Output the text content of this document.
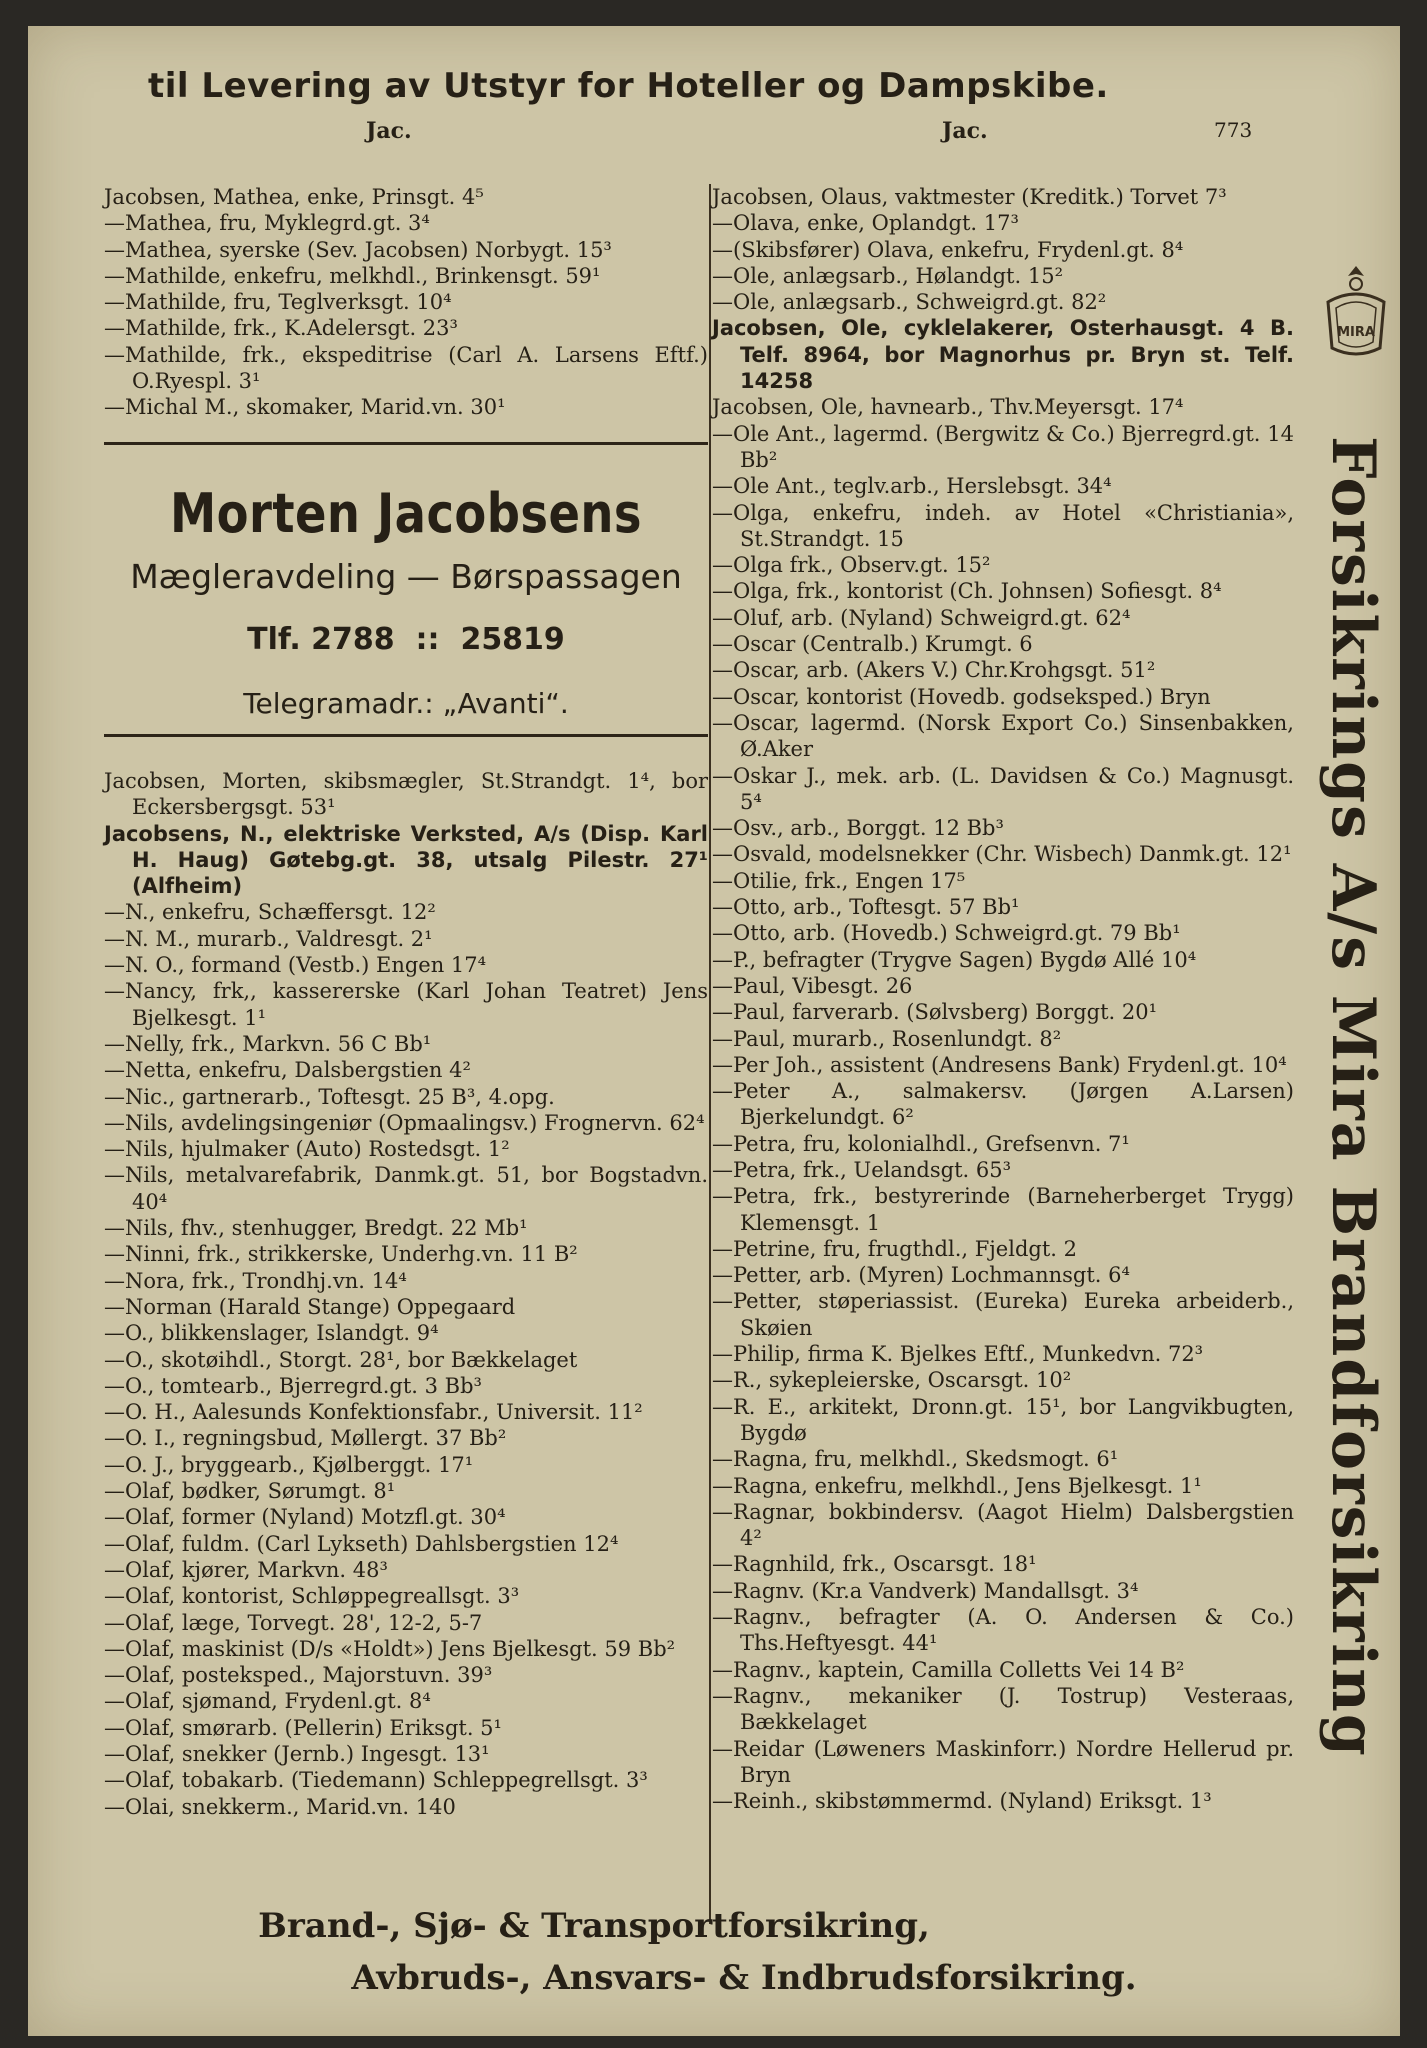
til Levering av Utstyr for Hoteller og Dampskibe.
Jac.	Jac.	773

Jacobsen, Mathea, enke, Prinsgt. 4⁵

—Mathea, fru, Myklegrd.gt. 3⁴

—Mathea, syerske (Sev. Jacobsen) Norbygt. 15³

—Mathilde, enkefru, melkhdl., Brinkensgt. 59¹

—Mathilde, fru, Teglverksgt. 10⁴

—Mathilde, frk., K.Adelersgt. 23³

—Mathilde, frk., ekspeditrise (Carl A. Larsens Eftf.) O.Ryespl. 3¹

—Michal M., skomaker, Marid.vn. 30¹

Morten Jacobsens
Mægleravdeling — Børspassagen
Tlf. 2788  ::  25819
Telegramadr.: „Avanti“.

Jacobsen, Morten, skibsmægler, St.Strandgt. 1⁴, bor Eckersbergsgt. 53¹

Jacobsens, N., elektriske Verksted, A/s (Disp. Karl H. Haug) Gøtebg.gt. 38, utsalg Pilestr. 27¹ (Alfheim)

—N., enkefru, Schæffersgt. 12²

—N. M., murarb., Valdresgt. 2¹

—N. O., formand (Vestb.) Engen 17⁴

—Nancy, frk,, kassererske (Karl Johan Teatret) Jens Bjelkesgt. 1¹

—Nelly, frk., Markvn. 56 C Bb¹

—Netta, enkefru, Dalsbergstien 4²

—Nic., gartnerarb., Toftesgt. 25 B³, 4.opg.

—Nils, avdelingsingeniør (Opmaalingsv.) Frognervn. 62⁴

—Nils, hjulmaker (Auto) Rostedsgt. 1²

—Nils, metalvarefabrik, Danmk.gt. 51, bor Bogstadvn. 40⁴

—Nils, fhv., stenhugger, Bredgt. 22 Mb¹

—Ninni, frk., strikkerske, Underhg.vn. 11 B²

—Nora, frk., Trondhj.vn. 14⁴

—Norman (Harald Stange) Oppegaard

—O., blikkenslager, Islandgt. 9⁴

—O., skotøihdl., Storgt. 28¹, bor Bækkelaget

—O., tomtearb., Bjerregrd.gt. 3 Bb³

—O. H., Aalesunds Konfektionsfabr., Universit. 11²

—O. I., regningsbud, Møllergt. 37 Bb²

—O. J., bryggearb., Kjølberggt. 17¹

—Olaf, bødker, Sørumgt. 8¹

—Olaf, former (Nyland) Motzfl.gt. 30⁴

—Olaf, fuldm. (Carl Lykseth) Dahlsbergstien 12⁴

—Olaf, kjører, Markvn. 48³

—Olaf, kontorist, Schløppegreallsgt. 3³

—Olaf, læge, Torvegt. 28', 12-2, 5-7

—Olaf, maskinist (D/s «Holdt») Jens Bjelkesgt. 59 Bb²

—Olaf, posteksped., Majorstuvn. 39³

—Olaf, sjømand, Frydenl.gt. 8⁴

—Olaf, smørarb. (Pellerin) Eriksgt. 5¹

—Olaf, snekker (Jernb.) Ingesgt. 13¹

—Olaf, tobakarb. (Tiedemann) Schleppegrellsgt. 3³

—Olai, snekkerm., Marid.vn. 140

Jacobsen, Olaus, vaktmester (Kreditk.) Torvet 7³

—Olava, enke, Oplandgt. 17³

—(Skibsfører) Olava, enkefru, Frydenl.gt. 8⁴

—Ole, anlægsarb., Hølandgt. 15²

—Ole, anlægsarb., Schweigrd.gt. 82²

Jacobsen, Ole, cyklelakerer, Osterhausgt. 4 B. Telf. 8964, bor Magnorhus pr. Bryn st. Telf. 14258

Jacobsen, Ole, havnearb., Thv.Meyersgt. 17⁴

—Ole Ant., lagermd. (Bergwitz & Co.) Bjerregrd.gt. 14 Bb²

—Ole Ant., teglv.arb., Herslebsgt. 34⁴

—Olga, enkefru, indeh. av Hotel «Christiania», St.Strandgt. 15

—Olga frk., Observ.gt. 15²

—Olga, frk., kontorist (Ch. Johnsen) Sofiesgt. 8⁴

—Oluf, arb. (Nyland) Schweigrd.gt. 62⁴

—Oscar (Centralb.) Krumgt. 6

—Oscar, arb. (Akers V.) Chr.Krohgsgt. 51²

—Oscar, kontorist (Hovedb. godseksped.) Bryn

—Oscar, lagermd. (Norsk Export Co.) Sinsenbakken, Ø.Aker

—Oskar J., mek. arb. (L. Davidsen & Co.) Magnusgt. 5⁴

—Osv., arb., Borggt. 12 Bb³

—Osvald, modelsnekker (Chr. Wisbech) Danmk.gt. 12¹

—Otilie, frk., Engen 17⁵

—Otto, arb., Toftesgt. 57 Bb¹

—Otto, arb. (Hovedb.) Schweigrd.gt. 79 Bb¹

—P., befragter (Trygve Sagen) Bygdø Allé 10⁴

—Paul, Vibesgt. 26

—Paul, farverarb. (Sølvsberg) Borggt. 20¹

—Paul, murarb., Rosenlundgt. 8²

—Per Joh., assistent (Andresens Bank) Frydenl.gt. 10⁴

—Peter A., salmakersv. (Jørgen A.Larsen) Bjerkelundgt. 6²

—Petra, fru, kolonialhdl., Grefsenvn. 7¹

—Petra, frk., Uelandsgt. 65³

—Petra, frk., bestyrerinde (Barneherberget Trygg) Klemensgt. 1

—Petrine, fru, frugthdl., Fjeldgt. 2

—Petter, arb. (Myren) Lochmannsgt. 6⁴

—Petter, støperiassist. (Eureka) Eureka arbeiderb., Skøien

—Philip, firma K. Bjelkes Eftf., Munkedvn. 72³

—R., sykepleierske, Oscarsgt. 10²

—R. E., arkitekt, Dronn.gt. 15¹, bor Langvikbugten, Bygdø

—Ragna, fru, melkhdl., Skedsmogt. 6¹

—Ragna, enkefru, melkhdl., Jens Bjelkesgt. 1¹

—Ragnar, bokbindersv. (Aagot Hielm) Dalsbergstien 4²

—Ragnhild, frk., Oscarsgt. 18¹

—Ragnv. (Kr.a Vandverk) Mandallsgt. 3⁴

—Ragnv., befragter (A. O. Andersen & Co.) Ths.Heftyesgt. 44¹

—Ragnv., kaptein, Camilla Colletts Vei 14 B²

—Ragnv., mekaniker (J. Tostrup) Vesteraas, Bækkelaget

—Reidar (Løweners Maskinforr.) Nordre Hellerud pr. Bryn

—Reinh., skibstømmermd. (Nyland) Eriksgt. 1³

MIRA
Forsikrings A/s Mira Brandforsikring
Brand-, Sjø- & Transportforsikring,
Avbruds-, Ansvars- & Indbrudsforsikring.
